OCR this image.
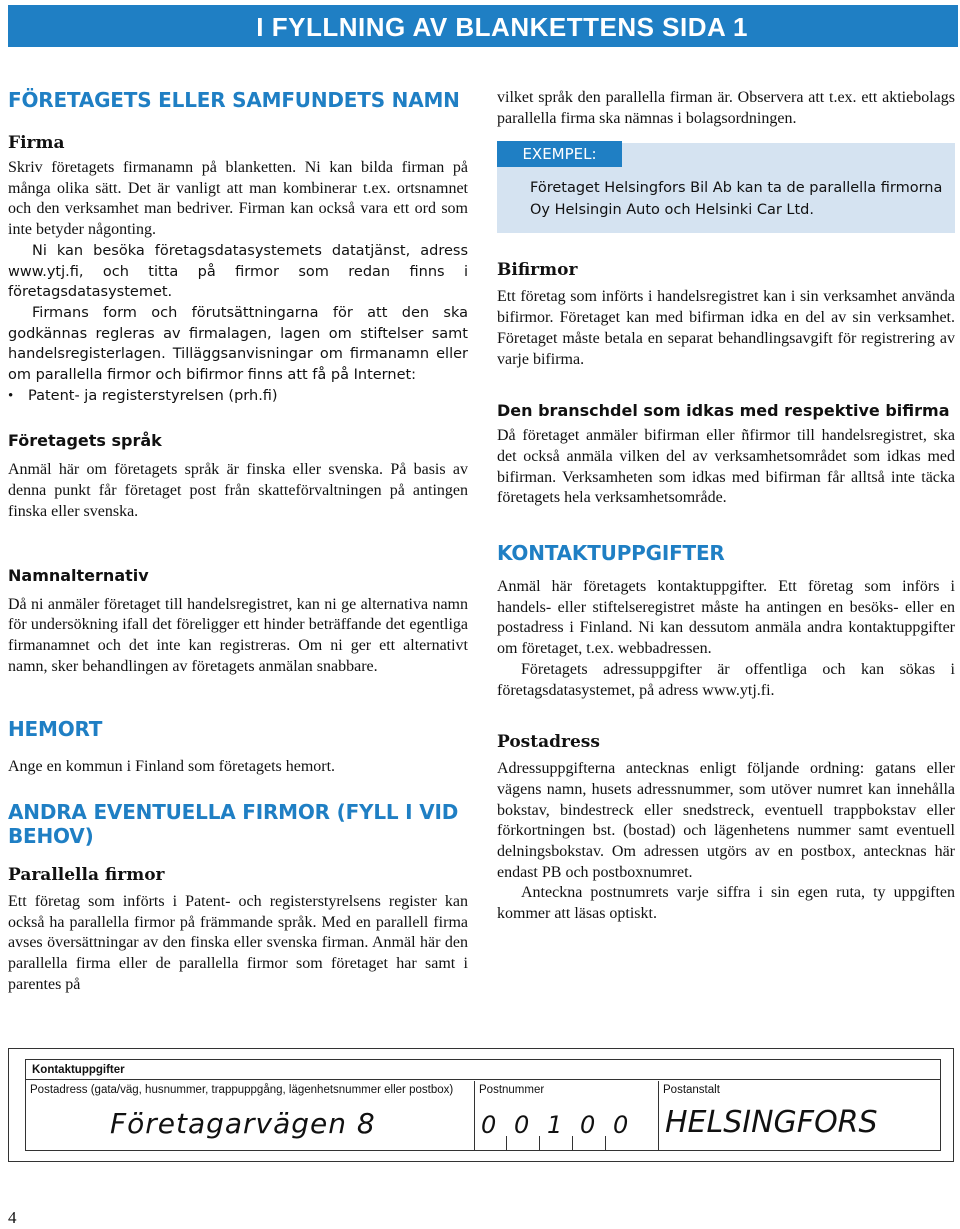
I FYLLNING AV BLANKETTENS SIDA 1
FÖRETAGETS ELLER SAMFUNDETS NAMN
Firma

Skriv företagets firmanamn på blanketten. Ni kan bilda firman på många olika sätt. Det är vanligt att man kombinerar t.ex. ortsnamnet och den verksamhet man bedriver. Firman kan också vara ett ord som inte betyder någonting.

Ni kan besöka företagsdatasystemets datatjänst, adress www.ytj.fi, och titta på firmor som redan finns i företagsdatasystemet.

Firmans form och förutsättningarna för att den ska godkännas regleras av firmalagen, lagen om stiftelser samt handelsregisterlagen. Tilläggsanvisningar om firmanamn eller om parallella firmor och bifirmor finns att få på Internet:

•	Patent- ja registerstyrelsen (prh.fi)
Företagets språk

Anmäl här om företagets språk är finska eller svenska. På basis av denna punkt får företaget post från skatteförvaltningen på antingen finska eller svenska.

Namnalternativ

Då ni anmäler företaget till handelsregistret, kan ni ge alternativa namn för undersökning ifall det föreligger ett hinder beträffande det egentliga firmanamnet och det inte kan registreras. Om ni ger ett alternativt namn, sker behandlingen av företagets anmälan snabbare.

HEMORT

Ange en kommun i Finland som företagets hemort.

ANDRA EVENTUELLA FIRMOR (FYLL I VID BEHOV)
Parallella firmor

Ett företag som införts i Patent- och registerstyrelsens register kan också ha parallella firmor på främmande språk. Med en parallell firma avses översättningar av den finska eller svenska firman. Anmäl här den parallella firma eller de parallella firmor som företaget har samt i parentes på

vilket språk den parallella firman är. Observera att t.ex. ett aktiebolags parallella firma ska nämnas i bolagsordningen.

EXEMPEL:
Företaget Helsingfors Bil Ab kan ta de parallella firmorna Oy Helsingin Auto och Helsinki Car Ltd.
Bifirmor

Ett företag som införts i handelsregistret kan i sin verksamhet använda bifirmor. Företaget kan med bifirman idka en del av sin verksamhet. Företaget måste betala en separat behandlingsavgift för registrering av varje bifirma.

Den branschdel som idkas med respektive bifirma

Då företaget anmäler bifirman eller ñfirmor till handelsregistret, ska det också anmäla vilken del av verksamhetsområdet som idkas med bifirman. Verksamheten som idkas med bifirman får alltså inte täcka företagets hela verksamhetsområde.

KONTAKTUPPGIFTER

Anmäl här företagets kontaktuppgifter. Ett företag som införs i handels- eller stiftelseregistret måste ha antingen en besöks- eller en postadress i Finland. Ni kan dessutom anmäla andra kontaktuppgifter om företaget, t.ex. webbadressen.

Företagets adressuppgifter är offentliga och kan sökas i företagsdatasystemet, på adress www.ytj.fi.

Postadress

Adressuppgifterna antecknas enligt följande ordning: gatans eller vägens namn, husets adressnummer, som utöver numret kan innehålla bokstav, bindestreck eller snedstreck, eventuell trappbokstav eller förkortningen bst. (bostad) och lägenhetens nummer samt eventuell delningsbokstav. Om adressen utgörs av en postbox, antecknas här endast PB och postboxnumret.

Anteckna postnumrets varje siffra i sin egen ruta, ty uppgiften kommer att läsas optiskt.

Kontaktuppgifter
Postadress (gata/väg, husnummer, trappuppgång, lägenhetsnummer eller postbox)
Företagarvägen 8
Postnummer
0 0 1 0 0
Postanstalt
HELSINGFORS
4
